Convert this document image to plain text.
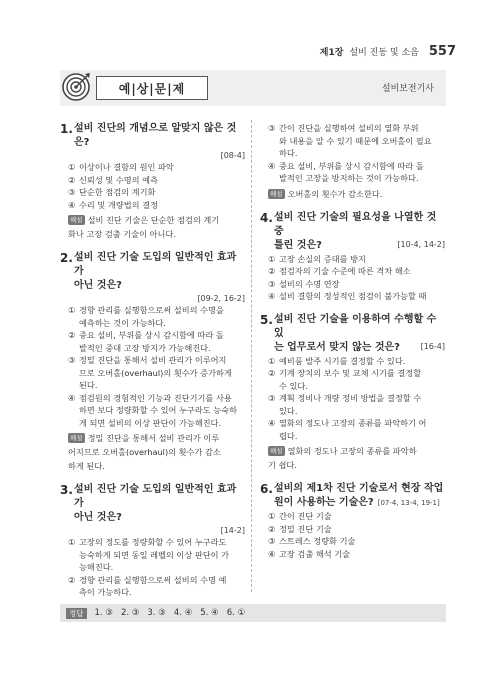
제1장 설비 진동 및 소음 557
예|상|문|제	설비보전기사
1. 설비 진단의 개념으로 알맞지 않은 것
은?
[08-4]
① 이상이나 결함의 원인 파악
② 신뢰성 및 수명의 예측
③ 단순한 점검의 계기화
④ 수리 및 개량법의 결정
해설 설비 진단 기술은 단순한 점검의 계기
화나 고장 검출 기술이 아니다.
2. 설비 진단 기술 도입의 일반적인 효과가
아닌 것은?
[09-2, 16-2]
① 경향 관리를 실행함으로써 설비의 수명을
예측하는 것이 가능하다.
② 중요 설비, 부위를 상시 감시함에 따라 돌
발적인 중대 고장 방지가 가능해진다.
③ 정밀 진단을 통해서 설비 관리가 이루어지
므로 오버홀(overhaul)의 횟수가 증가하게
된다.
④ 점검원의 경험적인 기능과 진단기기를 사용
하면 보다 정량화할 수 있어 누구라도 능숙하
게 되면 설비의 이상 판단이 가능해진다.
해설 정밀 진단을 통해서 설비 관리가 이루
어지므로 오버홀(overhaul)의 횟수가 감소
하게 된다.
3. 설비 진단 기술 도입의 일반적인 효과가
아닌 것은?
[14-2]
① 고장의 정도를 정량화할 수 있어 누구라도
능숙하게 되면 동일 레벨의 이상 판단이 가
능해진다.
② 경향 관리를 실행함으로써 설비의 수명 예
측이 가능하다.
③ 간이 진단을 실행하여 설비의 열화 부위
와 내용을 알 수 있기 때문에 오버홀이 필요
하다.
④ 중요 설비, 부위를 상시 감시함에 따라 돌
발적인 고장을 방지하는 것이 가능하다.
해설 오버홀의 횟수가 감소한다.
4. 설비 진단 기술의 필요성을 나열한 것 중
틀린 것은?	[10-4, 14-2]
① 고장 손실의 증대를 방지
② 점검자의 기술 수준에 따른 격차 해소
③ 설비의 수명 연장
④ 설비 결함의 정성적인 점검이 불가능할 때
5. 설비 진단 기술을 이용하여 수행할 수 있
는 업무로서 맞지 않는 것은?	[16-4]
① 예비품 발주 시기를 결정할 수 있다.
② 기계 장치의 보수 및 교체 시기를 결정할
수 있다.
③ 계획 정비나 개량 정비 방법을 결정할 수
있다.
④ 열화의 정도나 고장의 종류를 파악하기 어
렵다.
해설 열화의 정도나 고장의 종류를 파악하
기 쉽다.
6. 설비의 제1차 진단 기술로서 현장 작업
원이 사용하는 기술은? [07-4, 13-4, 19-1]
① 간이 진단 기술
② 정밀 진단 기술
③ 스트레스 정량화 기술
④ 고장 검출 해석 기술
정답	1. ③ 2. ③ 3. ③ 4. ④ 5. ④ 6. ①
